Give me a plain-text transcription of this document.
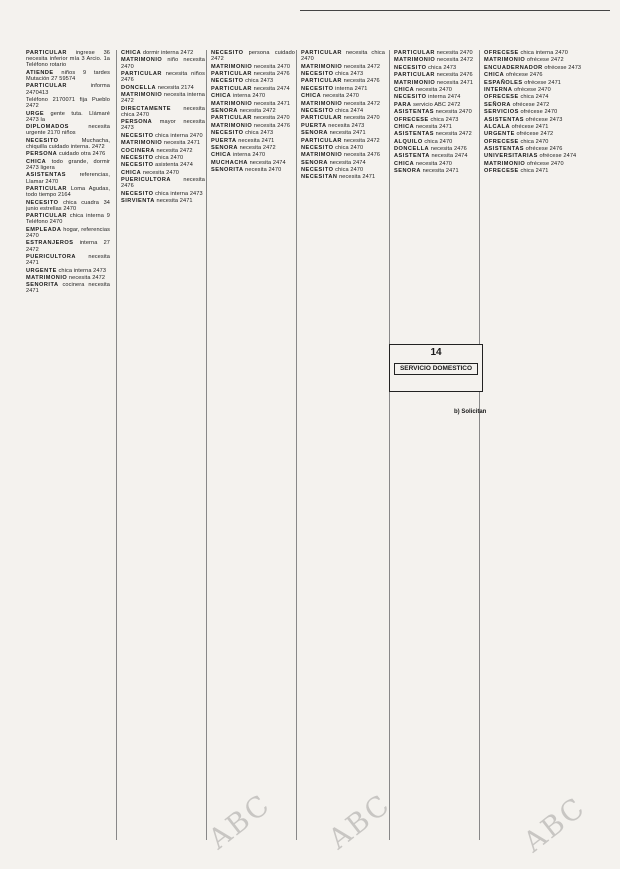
PARTICULAR ingrese 36 necesita inferior mía 3 Arcio. 1a Teléfono rotario
ATIENDE niños 9 tardes Mutación 27 59574
PARTICULAR	informa 2470413
Teléfono 2170071 fija Pueblo 2472
URGE gente tuta. Llámaré 2473 la
DIPLOMADOS	necesita urgente 2170 niños
NECESITO	Muchacha, chiquilla cuidado interna. 2472
PERSONA cuidado otra 2476
CHICA todo grande, dormir 2473 ligera
ASISTENTAS referencias, Llamar 2470
PARTICULAR Loma Agudas, todo tiempo 2164
NECESITO chica cuadra 34 junio estrellas 2470
PARTICULAR chica interna 9 Teléfono 2470
EMPLEADA hogar, referencias 2470
ESTRANJEROS interna 27 2472
PUERICULTORA necesita 2471
URGENTE chica interna 2473
MATRIMONIO necesita 2472
SENORITA cocinera necesita 2471
CHICA dormir interna 2472
MATRIMONIO niño necesita 2470
PARTICULAR necesita niños 2476
DONCELLA necesita 2174
MATRIMONIO necesita interna 2472
DIRECTAMENTE necesita chica 2470
PERSONA mayor necesita 2473
NECESITO chica interna 2470
MATRIMONIO necesita 2471
COCINERA necesita 2472
NECESITO chica 2470
NECESITO asistenta 2474
CHICA necesita 2470
PUERICULTORA necesita 2476
NECESITO chica interna 2473
SIRVIENTA necesita 2471
NECESITO persona cuidado 2472
MATRIMONIO necesita 2470
PARTICULAR necesita 2476
NECESITO chica 2473
PARTICULAR necesita 2474
CHICA interna 2470
MATRIMONIO necesita 2471
SENORA necesita 2472
PARTICULAR necesita 2470
MATRIMONIO necesita 2476
NECESITO chica 2473
PUERTA necesita 2471
SENORA necesita 2472
CHICA interna 2470
MUCHACHA necesita 2474
SENORITA necesita 2470
PARTICULAR necesita chica 2470
MATRIMONIO necesita 2472
NECESITO chica 2473
PARTICULAR necesita 2476
NECESITO interna 2471
CHICA necesita 2470
MATRIMONIO necesita 2472
NECESITO chica 2474
PARTICULAR necesita 2470
PUERTA necesita 2473
SENORA necesita 2471
PARTICULAR necesita 2472
NECESITO chica 2470
MATRIMONIO necesita 2476
SENORA necesita 2474
NECESITO chica 2470
NECESITAN necesita 2471
PARTICULAR necesita 2470
MATRIMONIO necesita 2472
NECESITO chica 2473
PARTICULAR necesita 2476
MATRIMONIO necesita 2471
CHICA necesita 2470
NECESITO interna 2474
PARA servicio ABC 2472
ASISTENTAS necesita 2470
OFRECESE chica 2473
CHICA necesita 2471
ASISTENTAS necesita 2472
ALQUILO chica 2470
DONCELLA necesita 2476
ASISTENTA necesita 2474
CHICA necesita 2470
SENORA necesita 2471
OFRECESE chica interna 2470
MATRIMONIO ofrécese 2472
ENCUADERNADOR ofrécese 2473
CHICA ofrécese 2476
ESPAÑOLES ofrécese 2471
INTERNA ofrécese 2470
OFRECESE chica 2474
SEÑORA ofrécese 2472
SERVICIOS ofrécese 2470
ASISTENTAS ofrécese 2473
ALCALA ofrécese 2471
URGENTE ofrécese 2472
OFRECESE chica 2470
ASISTENTAS ofrécese 2476
UNIVERSITARIAS ofrécese 2474
MATRIMONIO ofrécese 2470
OFRECESE chica 2471
14
SERVICIO DOMESTICO
b) Solicitan
ABC ABC	ABC
